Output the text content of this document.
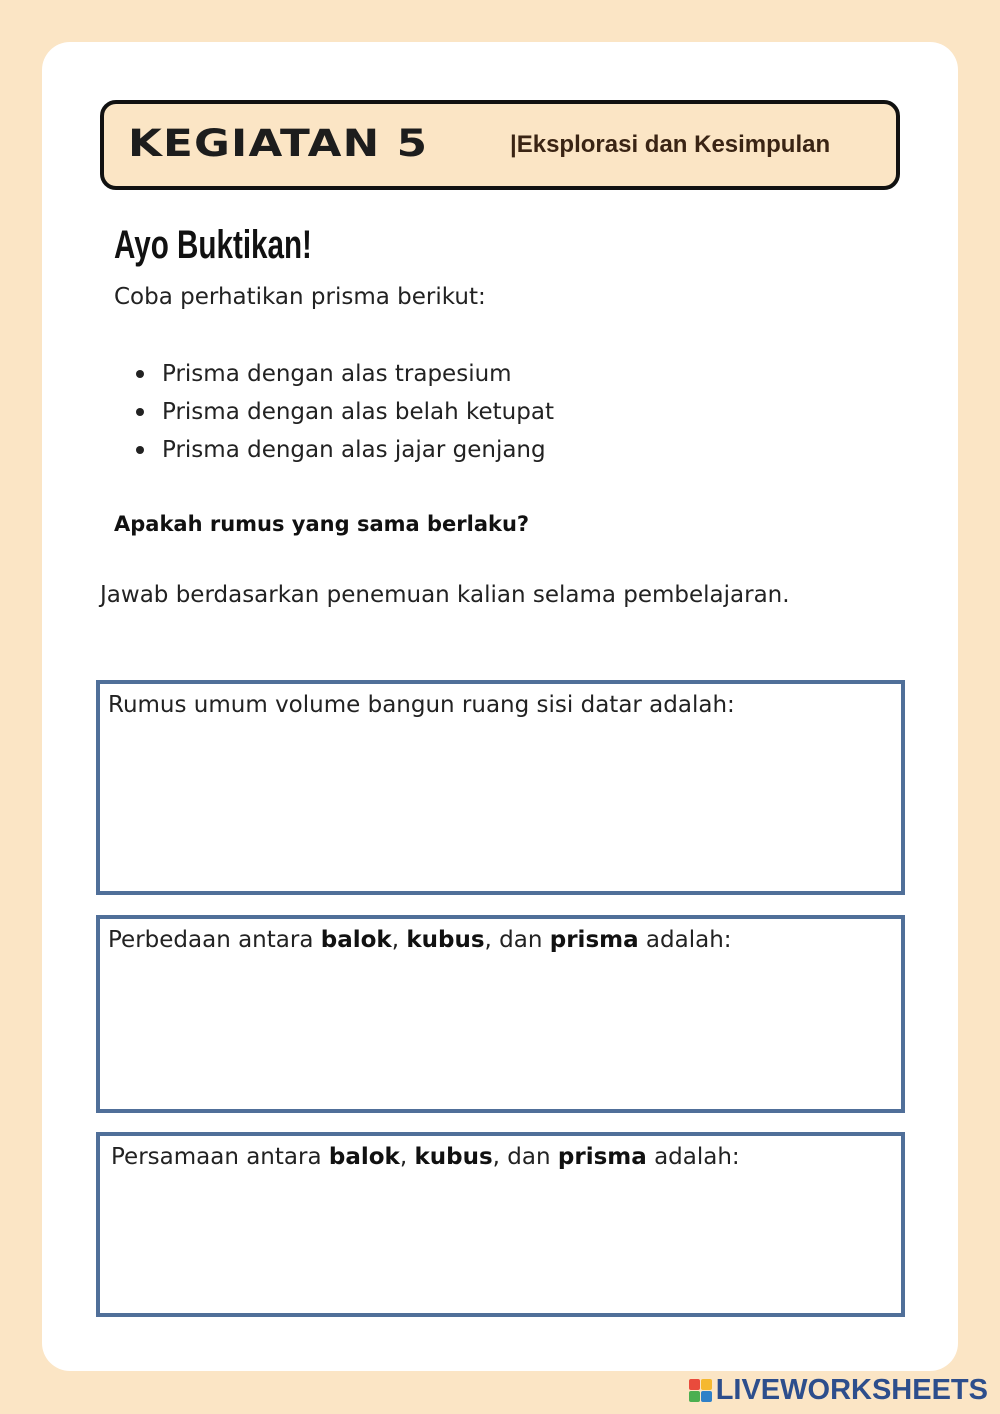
KEGIATAN 5	|Eksplorasi dan Kesimpulan
Ayo Buktikan!
Coba perhatikan prisma berikut:
Prisma dengan alas trapesium
Prisma dengan alas belah ketupat
Prisma dengan alas jajar genjang
Apakah rumus yang sama berlaku?
Jawab berdasarkan penemuan kalian selama pembelajaran.
Rumus umum volume bangun ruang sisi datar adalah:
Perbedaan antara balok, kubus, dan prisma adalah:
Persamaan antara balok, kubus, dan prisma adalah:
LIVEWORKSHEETS
